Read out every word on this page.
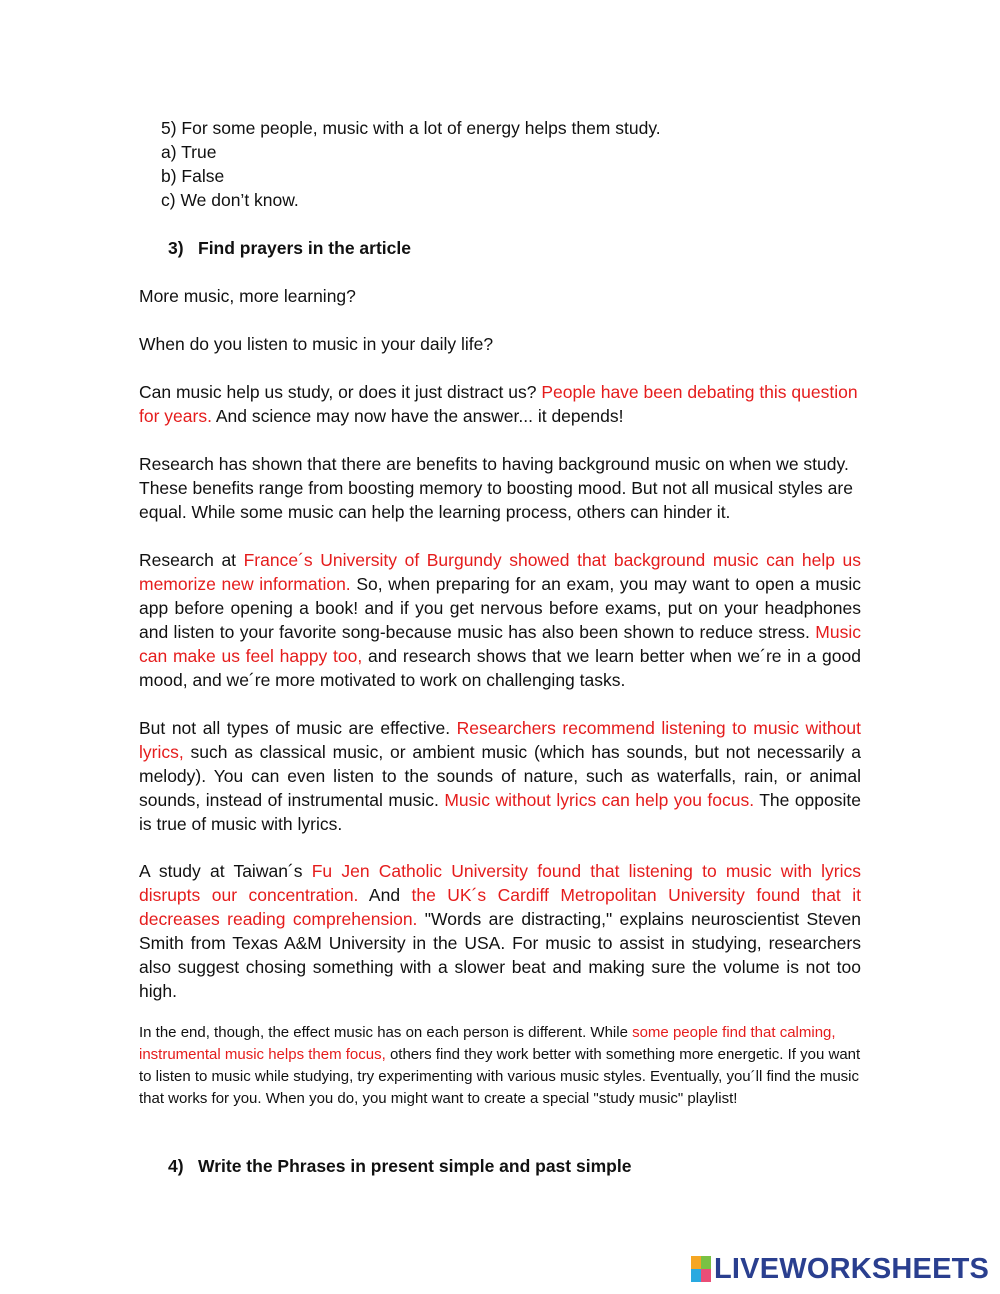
5) For some people, music with a lot of energy helps them study.
a) True
b) False
c) We don’t know.
3) Find prayers in the article
More music, more learning?
When do you listen to music in your daily life?
Can music help us study, or does it just distract us? People have been debating this question for years. And science may now have the answer... it depends!
Research has shown that there are benefits to having background music on when we study. These benefits range from boosting memory to boosting mood. But not all musical styles are equal. While some music can help the learning process, others can hinder it.
Research at France´s University of Burgundy showed that background music can help us memorize new information. So, when preparing for an exam, you may want to open a music app before opening a book! and if you get nervous before exams, put on your headphones and listen to your favorite song-because music has also been shown to reduce stress. Music can make us feel happy too, and research shows that we learn better when we´re in a good mood, and we´re more motivated to work on challenging tasks.
But not all types of music are effective. Researchers recommend listening to music without lyrics, such as classical music, or ambient music (which has sounds, but not necessarily a melody). You can even listen to the sounds of nature, such as waterfalls, rain, or animal sounds, instead of instrumental music. Music without lyrics can help you focus. The opposite is true of music with lyrics.
A study at Taiwan´s Fu Jen Catholic University found that listening to music with lyrics disrupts our concentration. And the UK´s Cardiff Metropolitan University found that it decreases reading comprehension. "Words are distracting," explains neuroscientist Steven Smith from Texas A&M University in the USA. For music to assist in studying, researchers also suggest chosing something with a slower beat and making sure the volume is not too high.
In the end, though, the effect music has on each person is different. While some people find that calming, instrumental music helps them focus, others find they work better with something more energetic. If you want to listen to music while studying, try experimenting with various music styles. Eventually, you´ll find the music that works for you. When you do, you might want to create a special "study music" playlist!
4) Write the Phrases in present simple and past simple
LIVEWORKSHEETS
